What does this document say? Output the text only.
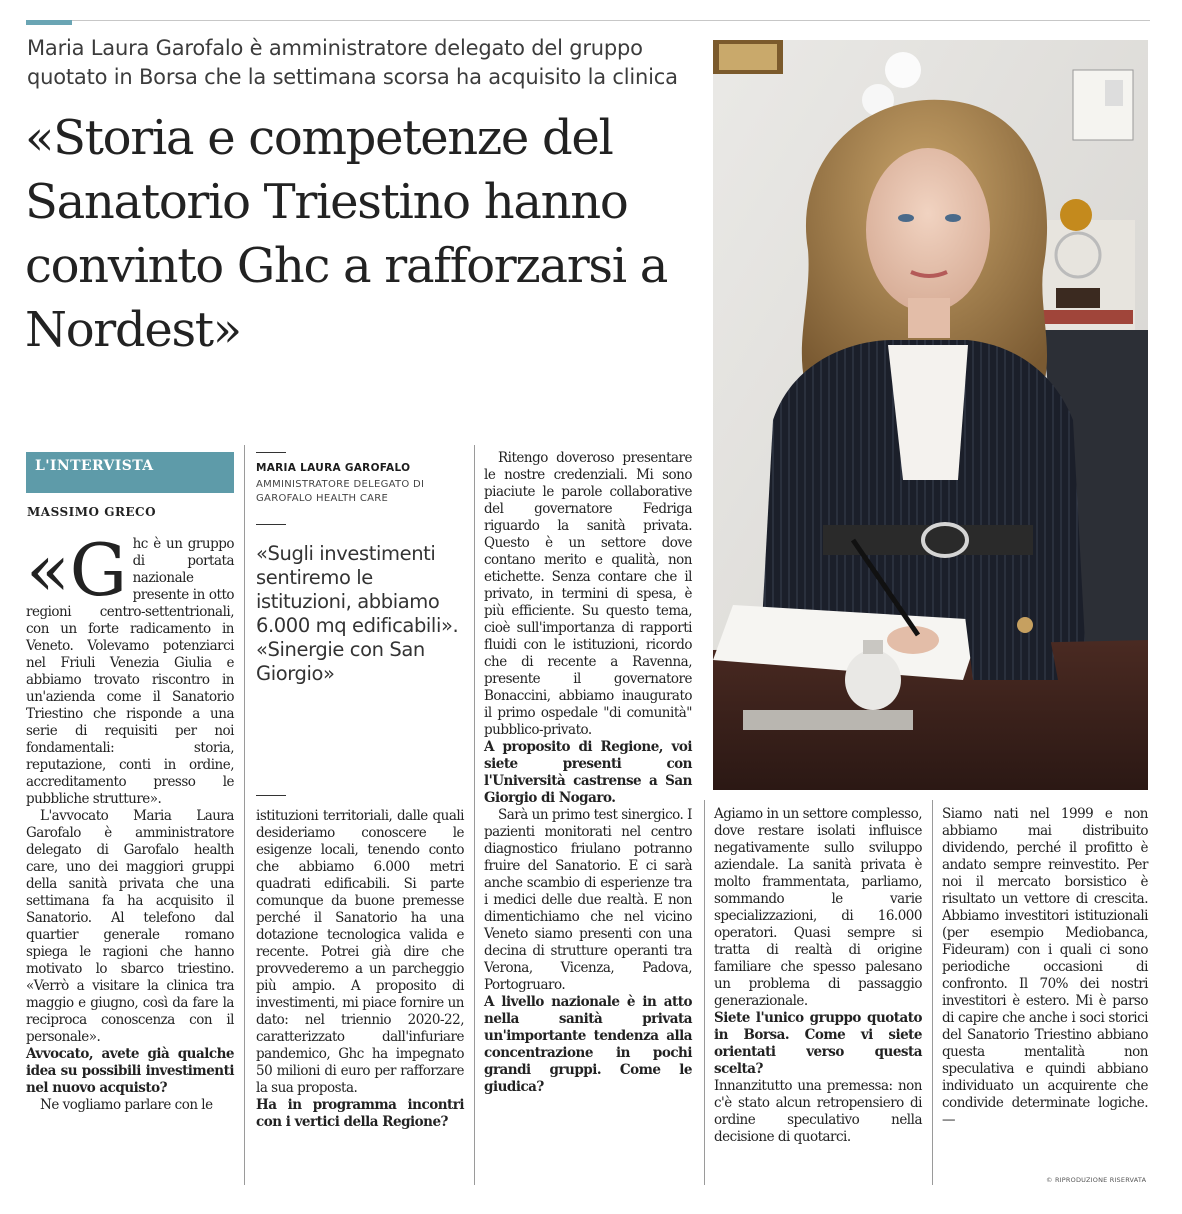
Maria Laura Garofalo è amministratore delegato del gruppo quotato in Borsa che la settimana scorsa ha acquisito la clinica
«Storia e competenze del Sanatorio Triestino hanno convinto Ghc a rafforzarsi a Nordest»
L'INTERVISTA
MASSIMO GRECO

«G hc è un gruppo di portata nazionale presente in otto regioni centro-settentrionali, con un forte radicamento in Veneto. Volevamo potenziarci nel Friuli Venezia Giulia e abbiamo trovato riscontro in un'azienda come il Sanatorio Triestino che risponde a una serie di requisiti per noi fondamentali: storia, reputazione, conti in ordine, accreditamento presso le pubbliche strutture».

L'avvocato Maria Laura Garofalo è amministratore delegato di Garofalo health care, uno dei maggiori gruppi della sanità privata che una settimana fa ha acquisito il Sanatorio. Al telefono dal quartier generale romano spiega le ragioni che hanno motivato lo sbarco triestino. «Verrò a visitare la clinica tra maggio e giugno, così da fare la reciproca conoscenza con il personale».

Avvocato, avete già qualche idea su possibili investimenti nel nuovo acquisto?

Ne vogliamo parlare con le

MARIA LAURA GAROFALO
AMMINISTRATORE DELEGATO DI GAROFALO HEALTH CARE
«Sugli investimenti sentiremo le istituzioni, abbiamo 6.000 mq edificabili». «Sinergie con San Giorgio»

istituzioni territoriali, dalle quali desideriamo conoscere le esigenze locali, tenendo conto che abbiamo 6.000 metri quadrati edificabili. Si parte comunque da buone premesse perché il Sanatorio ha una dotazione tecnologica valida e recente. Potrei già dire che provvederemo a un parcheggio più ampio. A proposito di investimenti, mi piace fornire un dato: nel triennio 2020-22, caratterizzato dall'infuriare pandemico, Ghc ha impegnato 50 milioni di euro per rafforzare la sua proposta.

Ha in programma incontri con i vertici della Regione?

Ritengo doveroso presentare le nostre credenziali. Mi sono piaciute le parole collaborative del governatore Fedriga riguardo la sanità privata. Questo è un settore dove contano merito e qualità, non etichette. Senza contare che il privato, in termini di spesa, è più efficiente. Su questo tema, cioè sull'importanza di rapporti fluidi con le istituzioni, ricordo che di recente a Ravenna, presente il governatore Bonaccini, abbiamo inaugurato il primo ospedale "di comunità" pubblico-privato.

A proposito di Regione, voi siete presenti con l'Università castrense a San Giorgio di Nogaro.

Sarà un primo test sinergico. I pazienti monitorati nel centro diagnostico friulano potranno fruire del Sanatorio. E ci sarà anche scambio di esperienze tra i medici delle due realtà. E non dimentichiamo che nel vicino Veneto siamo presenti con una decina di strutture operanti tra Verona, Vicenza, Padova, Portogruaro.

A livello nazionale è in atto nella sanità privata un'importante tendenza alla concentrazione in pochi grandi gruppi. Come le giudica?

Agiamo in un settore complesso, dove restare isolati influisce negativamente sullo sviluppo aziendale. La sanità privata è molto frammentata, parliamo, sommando le varie specializzazioni, di 16.000 operatori. Quasi sempre si tratta di realtà di origine familiare che spesso palesano un problema di passaggio generazionale.

Siete l'unico gruppo quotato in Borsa. Come vi siete orientati verso questa scelta?

Innanzitutto una premessa: non c'è stato alcun retropensiero di ordine speculativo nella decisione di quotarci.

Siamo nati nel 1999 e non abbiamo mai distribuito dividendo, perché il profitto è andato sempre reinvestito. Per noi il mercato borsistico è risultato un vettore di crescita. Abbiamo investitori istituzionali (per esempio Mediobanca, Fideuram) con i quali ci sono periodiche occasioni di confronto. Il 70% dei nostri investitori è estero. Mi è parso di capire che anche i soci storici del Sanatorio Triestino abbiano questa mentalità non speculativa e quindi abbiano individuato un acquirente che condivide determinate logiche. —

© RIPRODUZIONE RISERVATA
